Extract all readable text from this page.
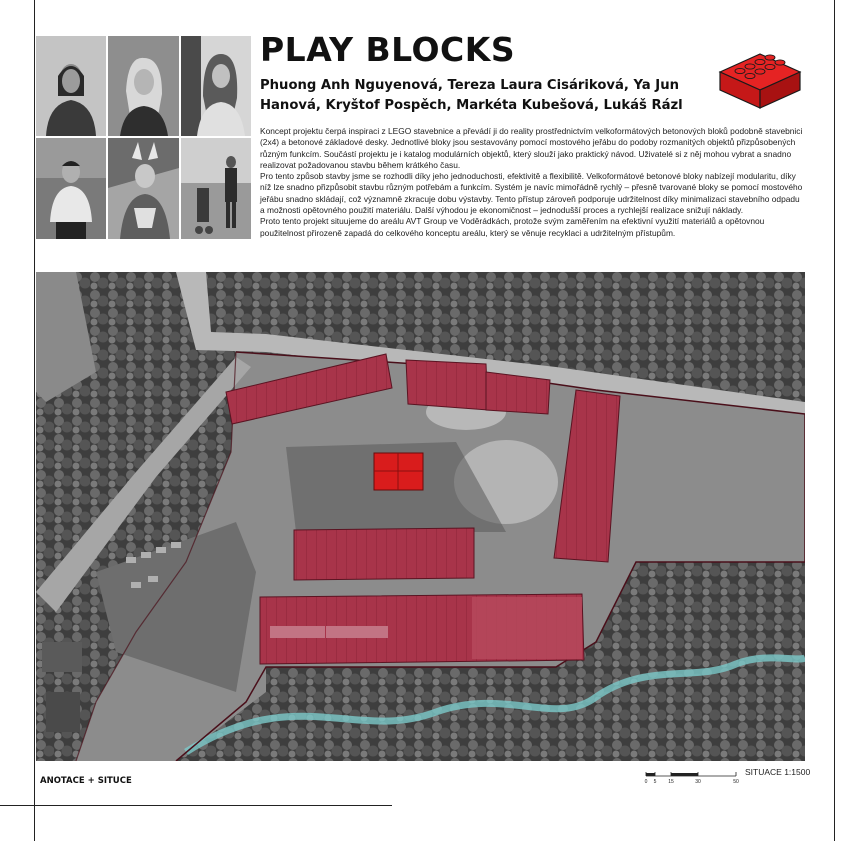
PLAY BLOCKS
Phuong Anh Nguyenová, Tereza Laura Cisáriková, Ya Jun Hanová, Kryštof Pospěch, Markéta Kubešová, Lukáš Rázl

Koncept projektu čerpá inspiraci z LEGO stavebnice a převádí ji do reality prostřednictvím velkoformátových betonových bloků podobně stavebnici (2x4) a betonové základové desky. Jednotlivé bloky jsou sestavovány pomocí mostového jeřábu do podoby rozmanitých objektů přizpůsobených různým funkcím. Součástí projektu je i katalog modulárních objektů, který slouží jako praktický návod. Uživatelé si z něj mohou vybrat a snadno realizovat požadovanou stavbu během krátkého času.

Pro tento způsob stavby jsme se rozhodli díky jeho jednoduchosti, efektivitě a flexibilitě. Velkoformátové betonové bloky nabízejí modularitu, díky níž lze snadno přizpůsobit stavbu různým potřebám a funkcím. Systém je navíc mimořádně rychlý – přesně tvarované bloky se pomocí mostového jeřábu snadno skládají, což významně zkracuje dobu výstavby. Tento přístup zároveň podporuje udržitelnost díky minimalizaci stavebního odpadu a možnosti opětovného použití materiálu. Další výhodou je ekonomičnost – jednodušší proces a rychlejší realizace snižují náklady.

Proto tento projekt situujeme do areálu AVT Group ve Voděrádkách, protože svým zaměřením na efektivní využití materiálů a opětovnou použitelnost přirozeně zapadá do celkového konceptu areálu, který se věnuje recyklaci a udržitelným přístupům.

ANOTACE + SITUCE	0 5 15	30	50
SITUACE 1:1500
